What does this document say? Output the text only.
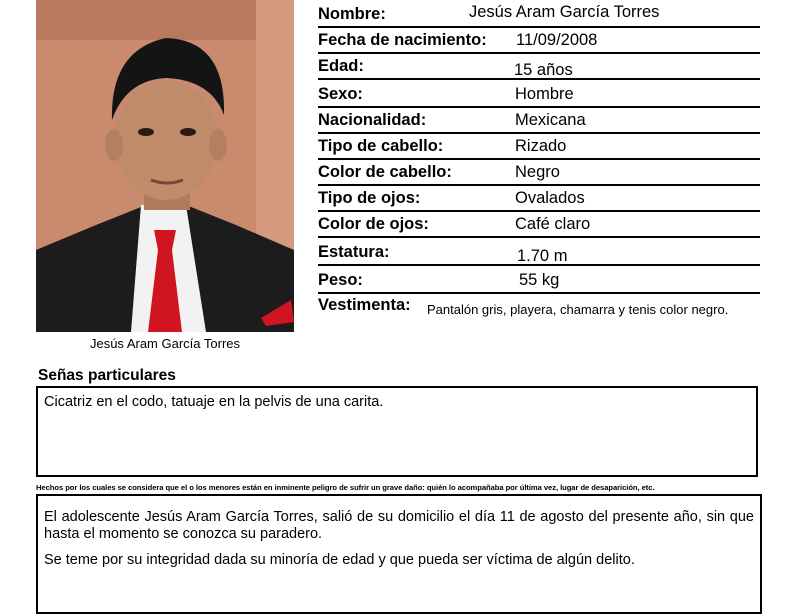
Jesús Aram García Torres
Nombre:	Jesús Aram García Torres
Fecha de nacimiento: 11/09/2008
Edad:	15 años
Sexo:	Hombre
Nacionalidad:	Mexicana
Tipo de cabello:	Rizado
Color de cabello:	Negro
Tipo de ojos:	Ovalados
Color de ojos:	Café claro
Estatura:	1.70 m
Peso:	55 kg
Vestimenta: Pantalón gris, playera, chamarra y tenis color negro.
Señas particulares
Cicatriz en el codo, tatuaje en la pelvis de una carita.
Hechos por los cuales se considera que el o los menores están en inminente peligro de sufrir un grave daño: quién lo acompañaba por última vez, lugar de desaparición, etc.

El adolescente Jesús Aram García Torres, salió de su domicilio el día 11 de agosto del presente año, sin que hasta el momento se conozca su paradero.

Se teme por su integridad dada su minoría de edad y que pueda ser víctima de algún delito.
